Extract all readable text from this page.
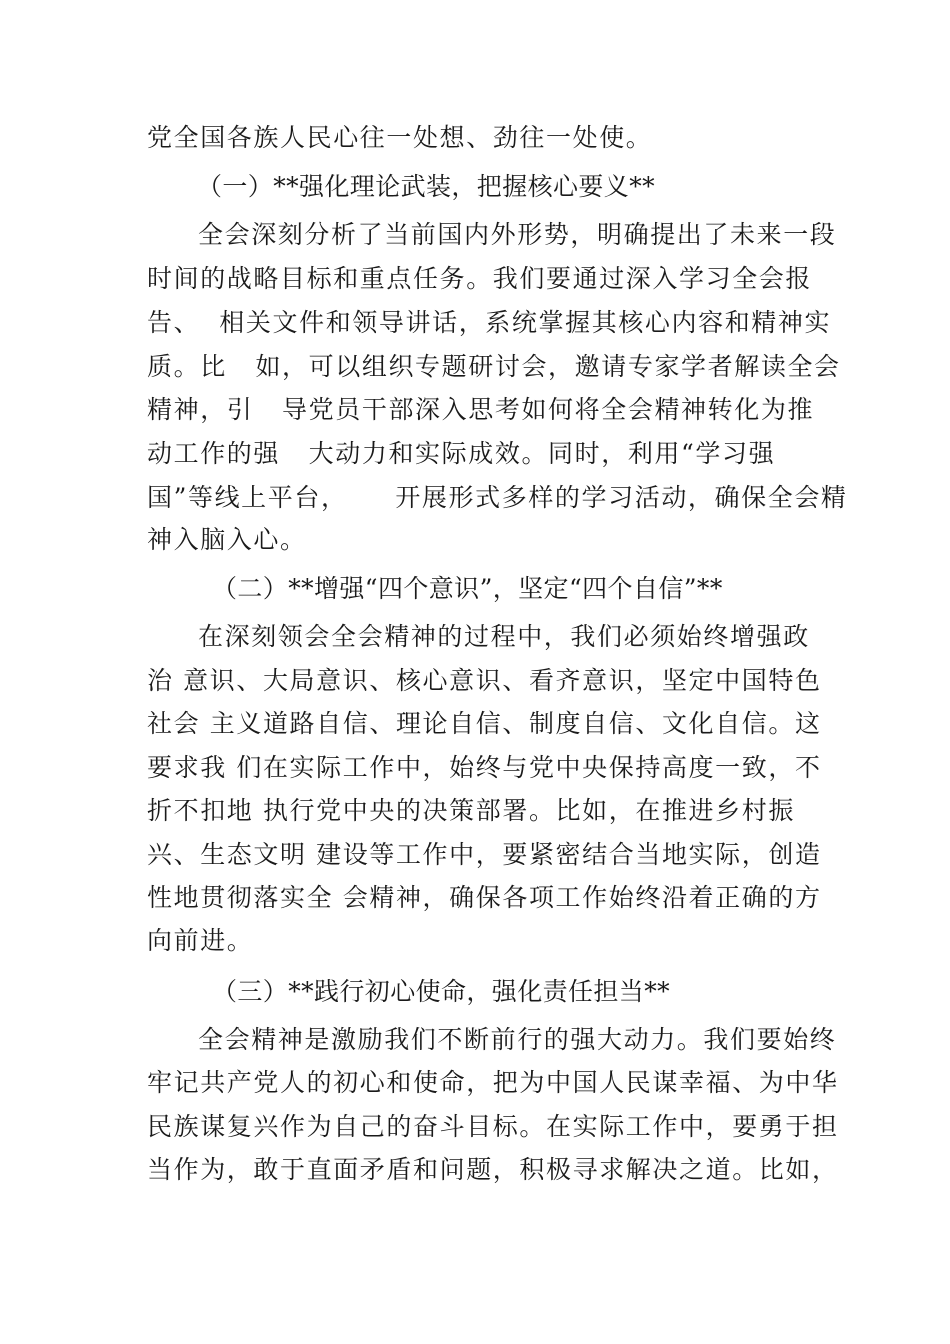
党全国各族人民心往一处想、劲往一处使。
（一）**强化理论武装，把握核心要义**
全会深刻分析了当前国内外形势，明确提出了未来一段
时间的战略目标和重点任务。我们要通过深入学习全会报
告、  相关文件和领导讲话，系统掌握其核心内容和精神实
质。比   如，可以组织专题研讨会，邀请专家学者解读全会
精神，引   导党员干部深入思考如何将全会精神转化为推
动工作的强   大动力和实际成效。同时，利用“学习强
国”等线上平台，     开展形式多样的学习活动，确保全会精
神入脑入心。
（二）**增强“四个意识”，坚定“四个自信”**
在深刻领会全会精神的过程中，我们必须始终增强政
治 意识、大局意识、核心意识、看齐意识，坚定中国特色
社会 主义道路自信、理论自信、制度自信、文化自信。这
要求我 们在实际工作中，始终与党中央保持高度一致，不
折不扣地 执行党中央的决策部署。比如，在推进乡村振
兴、生态文明 建设等工作中，要紧密结合当地实际，创造
性地贯彻落实全 会精神，确保各项工作始终沿着正确的方
向前进。
（三）**践行初心使命，强化责任担当**
全会精神是激励我们不断前行的强大动力。我们要始终
牢记共产党人的初心和使命，把为中国人民谋幸福、为中华
民族谋复兴作为自己的奋斗目标。在实际工作中，要勇于担
当作为，敢于直面矛盾和问题，积极寻求解决之道。比如，
